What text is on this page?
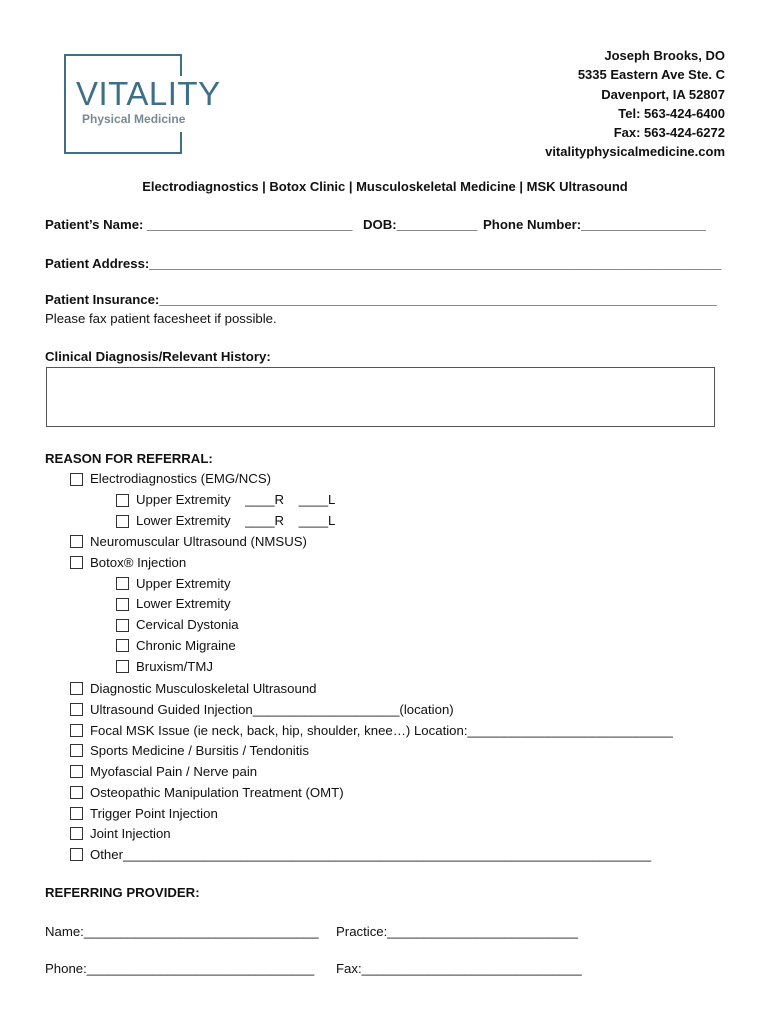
VITALITY
Physical Medicine
Joseph Brooks, DO
5335 Eastern Ave Ste. C
Davenport, IA 52807
Tel: 563-424-6400
Fax: 563-424-6272
vitalityphysicalmedicine.com
Electrodiagnostics | Botox Clinic | Musculoskeletal Medicine | MSK Ultrasound
Patient’s Name: ____________________________ DOB:___________ Phone Number:_________________
Patient Address:______________________________________________________________________________
Patient Insurance:____________________________________________________________________________
Please fax patient facesheet if possible.
Clinical Diagnosis/Relevant History:
REASON FOR REFERRAL:
Electrodiagnostics (EMG/NCS)
Upper Extremity    ____R    ____L
Lower Extremity    ____R    ____L
Neuromuscular Ultrasound (NMSUS)
Botox® Injection
Upper Extremity
Lower Extremity
Cervical Dystonia
Chronic Migraine
Bruxism/TMJ
Diagnostic Musculoskeletal Ultrasound
Ultrasound Guided Injection____________________(location)
Focal MSK Issue (ie neck, back, hip, shoulder, knee…) Location:____________________________
Sports Medicine / Bursitis / Tendonitis
Myofascial Pain / Nerve pain
Osteopathic Manipulation Treatment (OMT)
Trigger Point Injection
Joint Injection
Other________________________________________________________________________
REFERRING PROVIDER:
Name:________________________________ Practice:__________________________
Phone:_______________________________ Fax:______________________________
